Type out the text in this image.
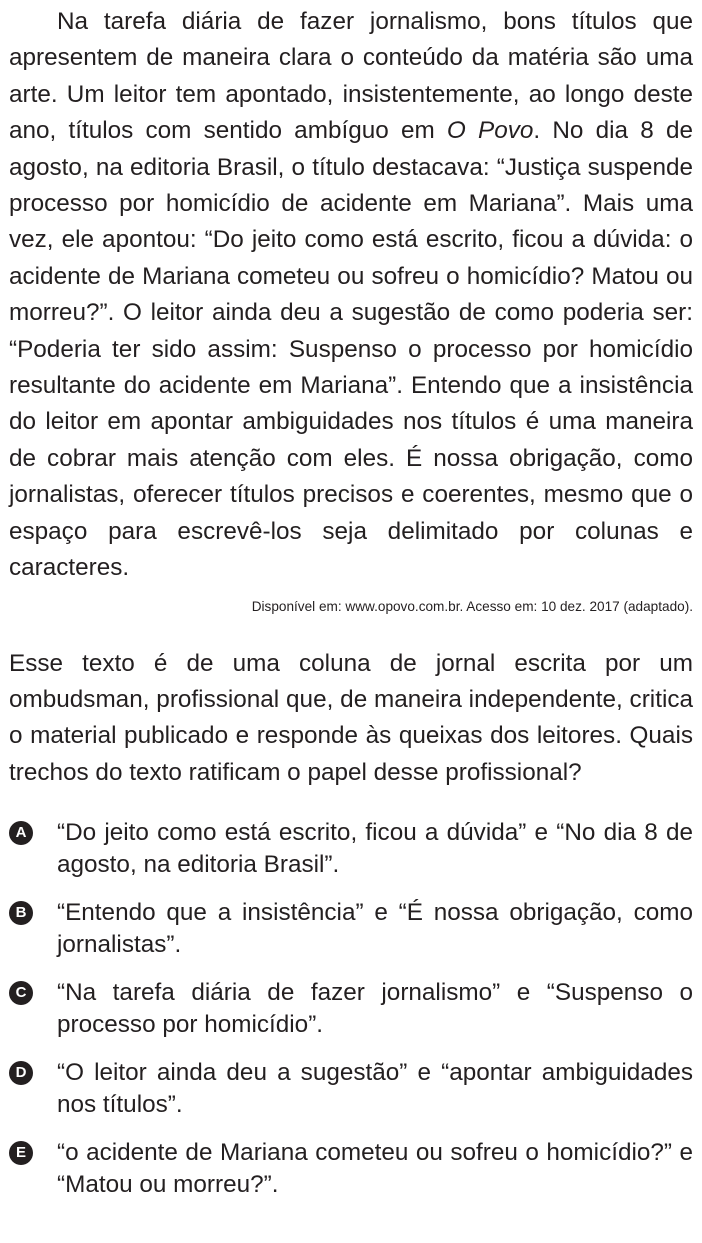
Na tarefa diária de fazer jornalismo, bons títulos que apresentem de maneira clara o conteúdo da matéria são uma arte. Um leitor tem apontado, insistentemente, ao longo deste ano, títulos com sentido ambíguo em O Povo. No dia 8 de agosto, na editoria Brasil, o título destacava: “Justiça suspende processo por homicídio de acidente em Mariana”. Mais uma vez, ele apontou: “Do jeito como está escrito, ficou a dúvida: o acidente de Mariana cometeu ou sofreu o homicídio? Matou ou morreu?”. O leitor ainda deu a sugestão de como poderia ser: “Poderia ter sido assim: Suspenso o processo por homicídio resultante do acidente em Mariana”. Entendo que a insistência do leitor em apontar ambiguidades nos títulos é uma maneira de cobrar mais atenção com eles. É nossa obrigação, como jornalistas, oferecer títulos precisos e coerentes, mesmo que o espaço para escrevê-los seja delimitado por colunas e caracteres.

Disponível em: www.opovo.com.br. Acesso em: 10 dez. 2017 (adaptado).

Esse texto é de uma coluna de jornal escrita por um ombudsman, profissional que, de maneira independente, critica o material publicado e responde às queixas dos leitores. Quais trechos do texto ratificam o papel desse profissional?

A “Do jeito como está escrito, ficou a dúvida” e “No dia 8 de agosto, na editoria Brasil”.
B “Entendo que a insistência” e “É nossa obrigação, como jornalistas”.
C “Na tarefa diária de fazer jornalismo” e “Suspenso o processo por homicídio”.
D “O leitor ainda deu a sugestão” e “apontar ambiguidades nos títulos”.
E “o acidente de Mariana cometeu ou sofreu o homicídio?” e “Matou ou morreu?”.
